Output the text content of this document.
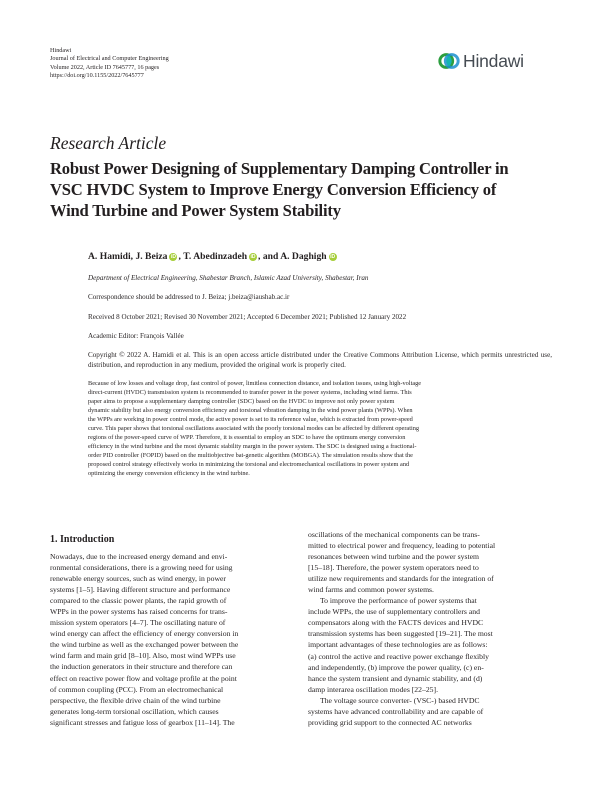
Hindawi
Journal of Electrical and Computer Engineering
Volume 2022, Article ID 7645777, 16 pages
https://doi.org/10.1155/2022/7645777
Hindawi
Research Article
Robust Power Designing of Supplementary Damping Controller in
VSC HVDC System to Improve Energy Conversion Efficiency of
Wind Turbine and Power System Stability
A. Hamidi,
J. Beiza iD ,
T. Abedinzadeh iD ,
and A. Daghigh iD
Department of Electrical Engineering, Shabestar Branch, Islamic Azad University, Shabestar, Iran
Correspondence should be addressed to J. Beiza; j.beiza@iaushab.ac.ir
Received 8 October 2021; Revised 30 November 2021; Accepted 6 December 2021; Published 12 January 2022
Academic Editor: François Vallée
Copyright © 2022 A. Hamidi et al. This is an open access article distributed under the Creative Commons Attribution License, which permits unrestricted use, distribution, and reproduction in any medium, provided the original work is properly cited.
Because of low losses and voltage drop, fast control of power, limitless connection distance, and isolation issues, using high-voltage
direct-current (HVDC) transmission system is recommended to transfer power in the power systems, including wind farms. This
paper aims to propose a supplementary damping controller (SDC) based on the HVDC to improve not only power system
dynamic stability but also energy conversion efficiency and torsional vibration damping in the wind power plants (WPPs). When
the WPPs are working in power control mode, the active power is set to its reference value, which is extracted from power-speed
curve. This paper shows that torsional oscillations associated with the poorly torsional modes can be affected by different operating
regions of the power-speed curve of WPP. Therefore, it is essential to employ an SDC to have the optimum energy conversion
efficiency in the wind turbine and the most dynamic stability margin in the power system. The SDC is designed using a fractional-
order PID controller (FOPID) based on the multiobjective bat-genetic algorithm (MOBGA). The simulation results show that the
proposed control strategy effectively works in minimizing the torsional and electromechanical oscillations in power system and
optimizing the energy conversion efficiency in the wind turbine.
1. Introduction
Nowadays, due to the increased energy demand and envi-
ronmental considerations, there is a growing need for using
renewable energy sources, such as wind energy, in power
systems [1–5]. Having different structure and performance
compared to the classic power plants, the rapid growth of
WPPs in the power systems has raised concerns for trans-
mission system operators [4–7]. The oscillating nature of
wind energy can affect the efficiency of energy conversion in
the wind turbine as well as the exchanged power between the
wind farm and main grid [8–10]. Also, most wind WPPs use
the induction generators in their structure and therefore can
effect on reactive power flow and voltage profile at the point
of common coupling (PCC). From an electromechanical
perspective, the flexible drive chain of the wind turbine
generates long-term torsional oscillation, which causes
significant stresses and fatigue loss of gearbox [11–14]. The
oscillations of the mechanical components can be trans-
mitted to electrical power and frequency, leading to potential
resonances between wind turbine and the power system
[15–18]. Therefore, the power system operators need to
utilize new requirements and standards for the integration of
wind farms and common power systems.
To improve the performance of power systems that
include WPPs, the use of supplementary controllers and
compensators along with the FACTS devices and HVDC
transmission systems has been suggested [19–21]. The most
important advantages of these technologies are as follows:
(a) control the active and reactive power exchange flexibly
and independently, (b) improve the power quality, (c) en-
hance the system transient and dynamic stability, and (d)
damp interarea oscillation modes [22–25].
The voltage source converter- (VSC-) based HVDC
systems have advanced controllability and are capable of
providing grid support to the connected AC networks
